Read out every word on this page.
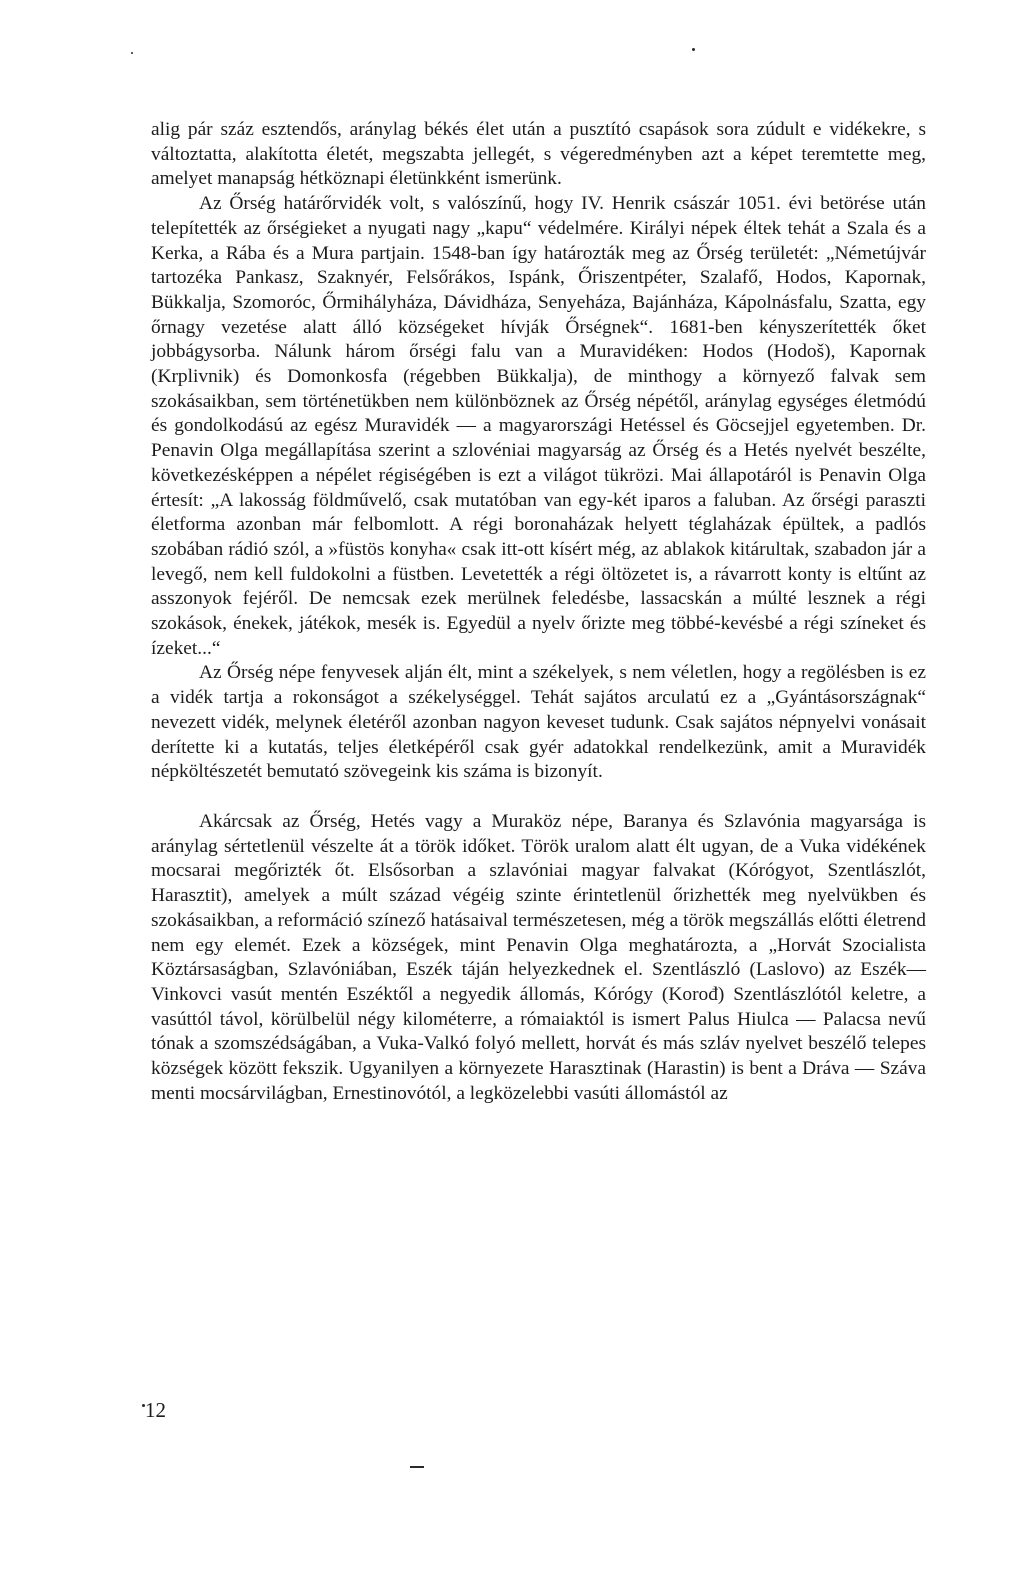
alig pár száz esztendős, aránylag békés élet után a pusztító csapások sora zúdult e vidékekre, s változtatta, alakította életét, megszabta jellegét, s végeredményben azt a képet teremtette meg, amelyet manapság hétköznapi életünkként ismerünk.

Az Őrség határőrvidék volt, s valószínű, hogy IV. Henrik császár 1051. évi betörése után telepítették az őrségieket a nyugati nagy „kapu“ védelmére. Királyi népek éltek tehát a Szala és a Kerka, a Rába és a Mura partjain. 1548-ban így határozták meg az Őrség területét: „Németújvár tartozéka Pankasz, Szaknyér, Felsőrákos, Ispánk, Őriszentpéter, Szalafő, Hodos, Kapornak, Bükkalja, Szomoróc, Őrmihályháza, Dávidháza, Senyeháza, Bajánháza, Kápolnásfalu, Szatta, egy őrnagy vezetése alatt álló községeket hívják Őrségnek“. 1681-ben kényszerítették őket jobbágysorba. Nálunk három őrségi falu van a Muravidéken: Hodos (Hodoš), Kapornak (Krplivnik) és Domonkosfa (régebben Bükkalja), de minthogy a környező falvak sem szokásaikban, sem történetükben nem különböznek az Őrség népétől, aránylag egységes életmódú és gondolkodású az egész Muravidék — a magyarországi Hetéssel és Göcsejjel egyetemben. Dr. Penavin Olga megállapítása szerint a szlovéniai magyarság az Őrség és a Hetés nyelvét beszélte, következésképpen a népélet régiségében is ezt a világot tükrözi. Mai állapotáról is Penavin Olga értesít: „A lakosság földművelő, csak mutatóban van egy-két iparos a faluban. Az őrségi paraszti életforma azonban már felbomlott. A régi boronaházak helyett téglaházak épültek, a padlós szobában rádió szól, a »füstös konyha« csak itt-ott kísért még, az ablakok kitárultak, szabadon jár a levegő, nem kell fuldokolni a füstben. Levetették a régi öltözetet is, a rávarrott konty is eltűnt az asszonyok fejéről. De nemcsak ezek merülnek feledésbe, lassacskán a múlté lesznek a régi szokások, énekek, játékok, mesék is. Egyedül a nyelv őrizte meg többé-kevésbé a régi színeket és ízeket...“

Az Őrség népe fenyvesek alján élt, mint a székelyek, s nem véletlen, hogy a regölésben is ez a vidék tartja a rokonságot a székelységgel. Tehát sajátos arculatú ez a „Gyántásországnak“ nevezett vidék, melynek életéről azonban nagyon keveset tudunk. Csak sajátos népnyelvi vonásait derítette ki a kutatás, teljes életképéről csak gyér adatokkal rendelkezünk, amit a Muravidék népköltészetét bemutató szövegeink kis száma is bizonyít.

Akárcsak az Őrség, Hetés vagy a Muraköz népe, Baranya és Szlavónia magyarsága is aránylag sértetlenül vészelte át a török időket. Török uralom alatt élt ugyan, de a Vuka vidékének mocsarai megőrizték őt. Elsősorban a szlavóniai magyar falvakat (Kórógyot, Szentlászlót, Harasztit), amelyek a múlt század végéig szinte érintetlenül őrizhették meg nyelvükben és szokásaikban, a reformáció színező hatásaival természetesen, még a török megszállás előtti életrend nem egy elemét. Ezek a községek, mint Penavin Olga meghatározta, a „Horvát Szocialista Köztársaságban, Szlavóniában, Eszék táján helyezkednek el. Szentlászló (Laslovo) az Eszék—Vinkovci vasút mentén Eszéktől a negyedik állomás, Kórógy (Korođ) Szentlászlótól keletre, a vasúttól távol, körülbelül négy kilométerre, a rómaiaktól is ismert Palus Hiulca — Palacsa nevű tónak a szomszédságában, a Vuka-Valkó folyó mellett, horvát és más szláv nyelvet beszélő telepes községek között fekszik. Ugyanilyen a környezete Harasztinak (Harastin) is bent a Dráva — Száva menti mocsárvilágban, Ernestinovótól, a legközelebbi vasúti állomástól az

12
